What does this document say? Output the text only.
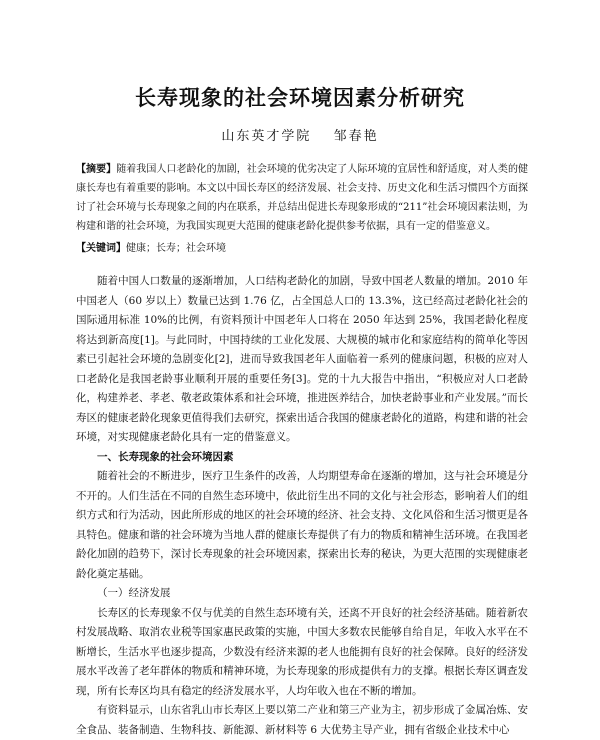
长寿现象的社会环境因素分析研究
山东英才学院 邹春艳
【摘要】随着我国人口老龄化的加剧，社会环境的优劣决定了人际环境的宜居性和舒适度，对人类的健康长寿也有着重要的影响。本文以中国长寿区的经济发展、社会支持、历史文化和生活习惯四个方面探讨了社会环境与长寿现象之间的内在联系，并总结出促进长寿现象形成的“211”社会环境因素法则，为构建和谐的社会环境，为我国实现更大范围的健康老龄化提供参考依据，具有一定的借鉴意义。
【关键词】健康；长寿；社会环境

随着中国人口数量的逐渐增加，人口结构老龄化的加剧，导致中国老人数量的增加。2010 年中国老人（60 岁以上）数量已达到 1.76 亿，占全国总人口的 13.3%，这已经高过老龄化社会的国际通用标准 10%的比例，有资料预计中国老年人口将在 2050 年达到 25%，我国老龄化程度将达到新高度[1]。与此同时，中国持续的工业化发展、大规模的城市化和家庭结构的简单化等因素已引起社会环境的急剧变化[2]，进而导致我国老年人面临着一系列的健康问题，积极的应对人口老龄化是我国老龄事业顺利开展的重要任务[3]。党的十九大报告中指出，“积极应对人口老龄化，构建养老、孝老、敬老政策体系和社会环境，推进医养结合，加快老龄事业和产业发展。”而长寿区的健康老龄化现象更值得我们去研究，探索出适合我国的健康老龄化的道路，构建和谐的社会环境，对实现健康老龄化具有一定的借鉴意义。

一、长寿现象的社会环境因素

随着社会的不断进步，医疗卫生条件的改善，人均期望寿命在逐渐的增加，这与社会环境是分不开的。人们生活在不同的自然生态环境中，依此衍生出不同的文化与社会形态，影响着人们的组织方式和行为活动，因此所形成的地区的社会环境的经济、社会支持、文化风俗和生活习惯更是各具特色。健康和谐的社会环境为当地人群的健康长寿提供了有力的物质和精神生活环境。在我国老龄化加剧的趋势下，深讨长寿现象的社会环境因素，探索出长寿的秘诀，为更大范围的实现健康老龄化奠定基础。

（一）经济发展

长寿区的长寿现象不仅与优美的自然生态环境有关，还离不开良好的社会经济基础。随着新农村发展战略、取消农业税等国家惠民政策的实施，中国大多数农民能够自给自足，年收入水平在不断增长，生活水平也逐步提高，少数没有经济来源的老人也能拥有良好的社会保障。良好的经济发展水平改善了老年群体的物质和精神环境，为长寿现象的形成提供有力的支撑。根据长寿区调查发现，所有长寿区均具有稳定的经济发展水平，人均年收入也在不断的增加。

有资料显示，山东省乳山市长寿区上要以第二产业和第三产业为主，初步形成了金属冶炼、安全食品、装备制造、生物科技、新能源、新材料等 6 大优势主导产业，拥有省级企业技术中心
